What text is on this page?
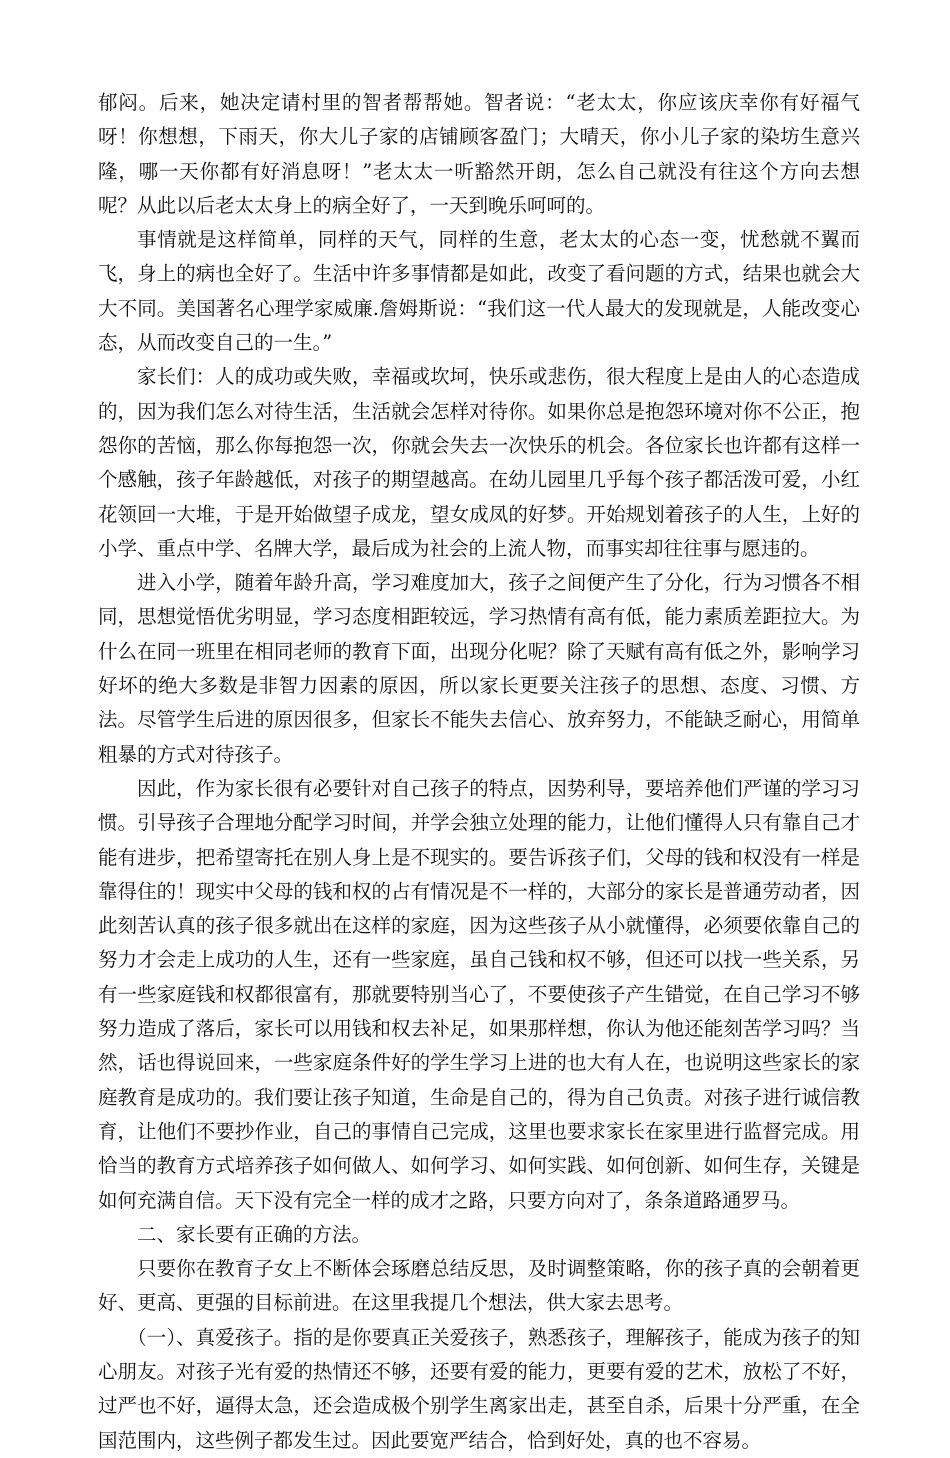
郁闷。后来，她决定请村里的智者帮帮她。智者说：“老太太，你应该庆幸你有好福气呀！你想想，下雨天，你大儿子家的店铺顾客盈门；大晴天，你小儿子家的染坊生意兴隆，哪一天你都有好消息呀！”老太太一听豁然开朗，怎么自己就没有往这个方向去想呢？从此以后老太太身上的病全好了，一天到晚乐呵呵的。

事情就是这样简单，同样的天气，同样的生意，老太太的心态一变，忧愁就不翼而飞，身上的病也全好了。生活中许多事情都是如此，改变了看问题的方式，结果也就会大大不同。美国著名心理学家威廉.詹姆斯说：“我们这一代人最大的发现就是，人能改变心态，从而改变自己的一生。”

家长们：人的成功或失败，幸福或坎坷，快乐或悲伤，很大程度上是由人的心态造成的，因为我们怎么对待生活，生活就会怎样对待你。如果你总是抱怨环境对你不公正，抱怨你的苦恼，那么你每抱怨一次，你就会失去一次快乐的机会。各位家长也许都有这样一个感触，孩子年龄越低，对孩子的期望越高。在幼儿园里几乎每个孩子都活泼可爱，小红花领回一大堆，于是开始做望子成龙，望女成凤的好梦。开始规划着孩子的人生，上好的小学、重点中学、名牌大学，最后成为社会的上流人物，而事实却往往事与愿违的。

进入小学，随着年龄升高，学习难度加大，孩子之间便产生了分化，行为习惯各不相同，思想觉悟优劣明显，学习态度相距较远，学习热情有高有低，能力素质差距拉大。为什么在同一班里在相同老师的教育下面，出现分化呢？除了天赋有高有低之外，影响学习好坏的绝大多数是非智力因素的原因，所以家长更要关注孩子的思想、态度、习惯、方法。尽管学生后进的原因很多，但家长不能失去信心、放弃努力，不能缺乏耐心，用简单粗暴的方式对待孩子。

因此，作为家长很有必要针对自己孩子的特点，因势利导，要培养他们严谨的学习习惯。引导孩子合理地分配学习时间，并学会独立处理的能力，让他们懂得人只有靠自己才能有进步，把希望寄托在别人身上是不现实的。要告诉孩子们，父母的钱和权没有一样是靠得住的！现实中父母的钱和权的占有情况是不一样的，大部分的家长是普通劳动者，因此刻苦认真的孩子很多就出在这样的家庭，因为这些孩子从小就懂得，必须要依靠自己的努力才会走上成功的人生，还有一些家庭，虽自己钱和权不够，但还可以找一些关系，另有一些家庭钱和权都很富有，那就要特别当心了，不要使孩子产生错觉，在自己学习不够努力造成了落后，家长可以用钱和权去补足，如果那样想，你认为他还能刻苦学习吗？当然，话也得说回来，一些家庭条件好的学生学习上进的也大有人在，也说明这些家长的家庭教育是成功的。我们要让孩子知道，生命是自己的，得为自己负责。对孩子进行诚信教育，让他们不要抄作业，自己的事情自己完成，这里也要求家长在家里进行监督完成。用恰当的教育方式培养孩子如何做人、如何学习、如何实践、如何创新、如何生存，关键是如何充满自信。天下没有完全一样的成才之路，只要方向对了，条条道路通罗马。

二、家长要有正确的方法。

只要你在教育子女上不断体会琢磨总结反思，及时调整策略，你的孩子真的会朝着更好、更高、更强的目标前进。在这里我提几个想法，供大家去思考。

（一）、真爱孩子。指的是你要真正关爱孩子，熟悉孩子，理解孩子，能成为孩子的知心朋友。对孩子光有爱的热情还不够，还要有爱的能力，更要有爱的艺术，放松了不好，过严也不好，逼得太急，还会造成极个别学生离家出走，甚至自杀，后果十分严重，在全国范围内，这些例子都发生过。因此要宽严结合，恰到好处，真的也不容易。
